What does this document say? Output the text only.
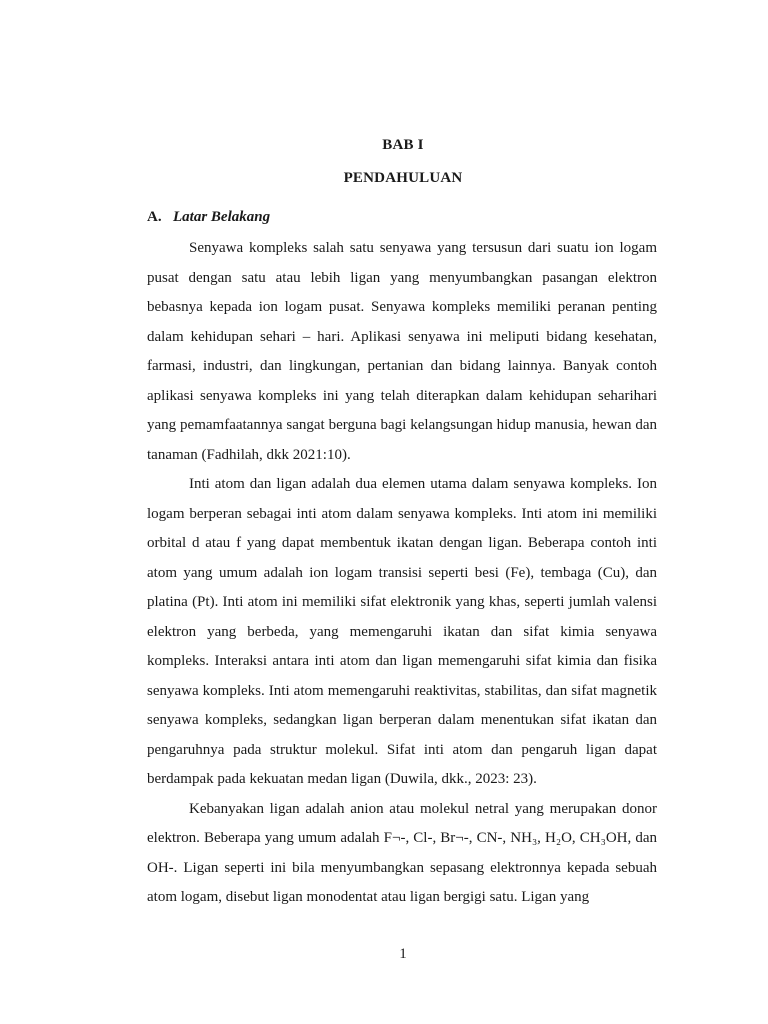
BAB I
PENDAHULUAN
A. Latar Belakang

Senyawa kompleks salah satu senyawa yang tersusun dari suatu ion logam pusat dengan satu atau lebih ligan yang menyumbangkan pasangan elektron bebasnya kepada ion logam pusat. Senyawa kompleks memiliki peranan penting dalam kehidupan sehari – hari. Aplikasi senyawa ini meliputi bidang kesehatan, farmasi, industri, dan lingkungan, pertanian dan bidang lainnya. Banyak contoh aplikasi senyawa kompleks ini yang telah diterapkan dalam kehidupan seharihari yang pemamfaatannya sangat berguna bagi kelangsungan hidup manusia, hewan dan tanaman (Fadhilah, dkk 2021:10).

Inti atom dan ligan adalah dua elemen utama dalam senyawa kompleks. Ion logam berperan sebagai inti atom dalam senyawa kompleks. Inti atom ini memiliki orbital d atau f yang dapat membentuk ikatan dengan ligan. Beberapa contoh inti atom yang umum adalah ion logam transisi seperti besi (Fe), tembaga (Cu), dan platina (Pt). Inti atom ini memiliki sifat elektronik yang khas, seperti jumlah valensi elektron yang berbeda, yang memengaruhi ikatan dan sifat kimia senyawa kompleks. Interaksi antara inti atom dan ligan memengaruhi sifat kimia dan fisika senyawa kompleks. Inti atom memengaruhi reaktivitas, stabilitas, dan sifat magnetik senyawa kompleks, sedangkan ligan berperan dalam menentukan sifat ikatan dan pengaruhnya pada struktur molekul. Sifat inti atom dan pengaruh ligan dapat berdampak pada kekuatan medan ligan (Duwila, dkk., 2023: 23).

Kebanyakan ligan adalah anion atau molekul netral yang merupakan donor elektron. Beberapa yang umum adalah F¬-, Cl-, Br¬-, CN-, NH₃, H₂O, CH₃OH, dan OH-. Ligan seperti ini bila menyumbangkan sepasang elektronnya kepada sebuah atom logam, disebut ligan monodentat atau ligan bergigi satu. Ligan yang

1
